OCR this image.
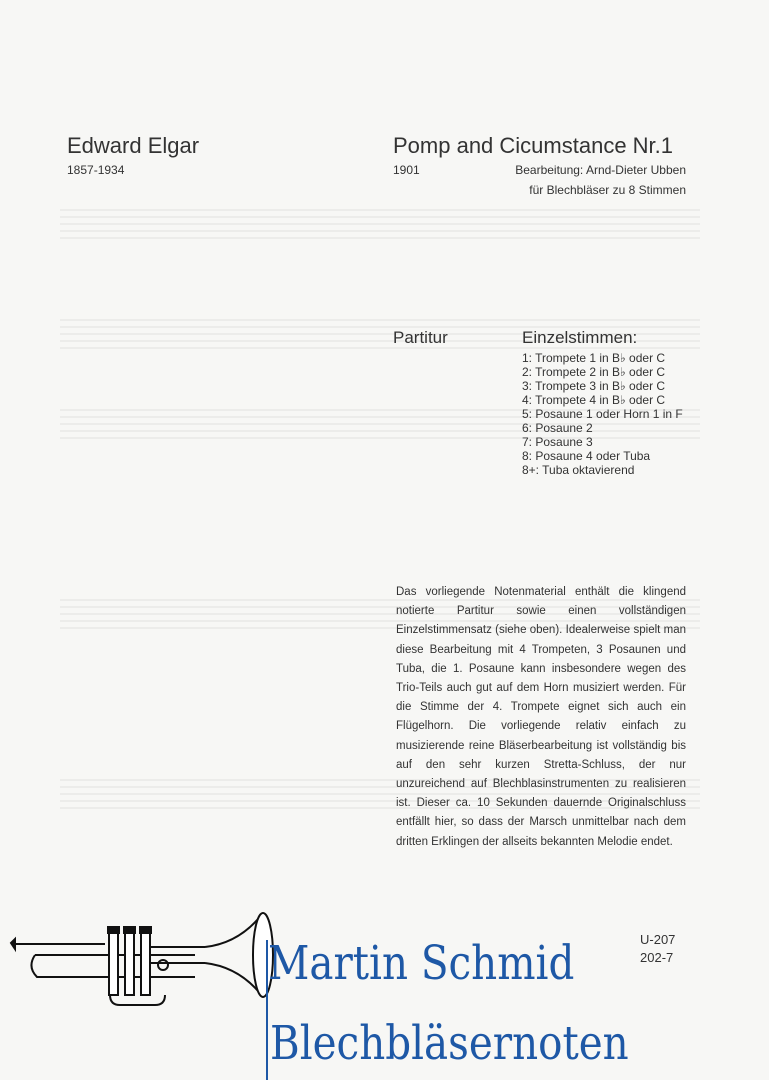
Edward Elgar
1857-1934
Pomp and Cicumstance Nr.1
1901	Bearbeitung: Arnd-Dieter Ubben
für Blechbläser zu 8 Stimmen
Partitur	Einzelstimmen:
1: Trompete 1 in B♭ oder C
2: Trompete 2 in B♭ oder C
3: Trompete 3 in B♭ oder C
4: Trompete 4 in B♭ oder C
5: Posaune 1 oder Horn 1 in F
6: Posaune 2
7: Posaune 3
8: Posaune 4 oder Tuba
8+: Tuba oktavierend

Das vorliegende Notenmaterial enthält die klingend notierte Partitur sowie einen vollständigen Einzelstimmensatz (siehe oben). Idealerweise spielt man diese Bearbeitung mit 4 Trompeten, 3 Posaunen und Tuba, die 1. Posaune kann insbesondere wegen des Trio-Teils auch gut auf dem Horn musiziert werden. Für die Stimme der 4. Trompete eignet sich auch ein Flügelhorn. Die vorliegende relativ einfach zu musizierende reine Bläserbearbeitung ist vollständig bis auf den sehr kurzen Stretta-Schluss, der nur unzureichend auf Blechblasinstrumenten zu realisieren ist. Dieser ca. 10 Sekunden dauernde Originalschluss entfällt hier, so dass der Marsch unmittelbar nach dem dritten Erklingen der allseits bekannten Melodie endet.

U-207
202-7
Martin Schmid
Blechbläsernoten
